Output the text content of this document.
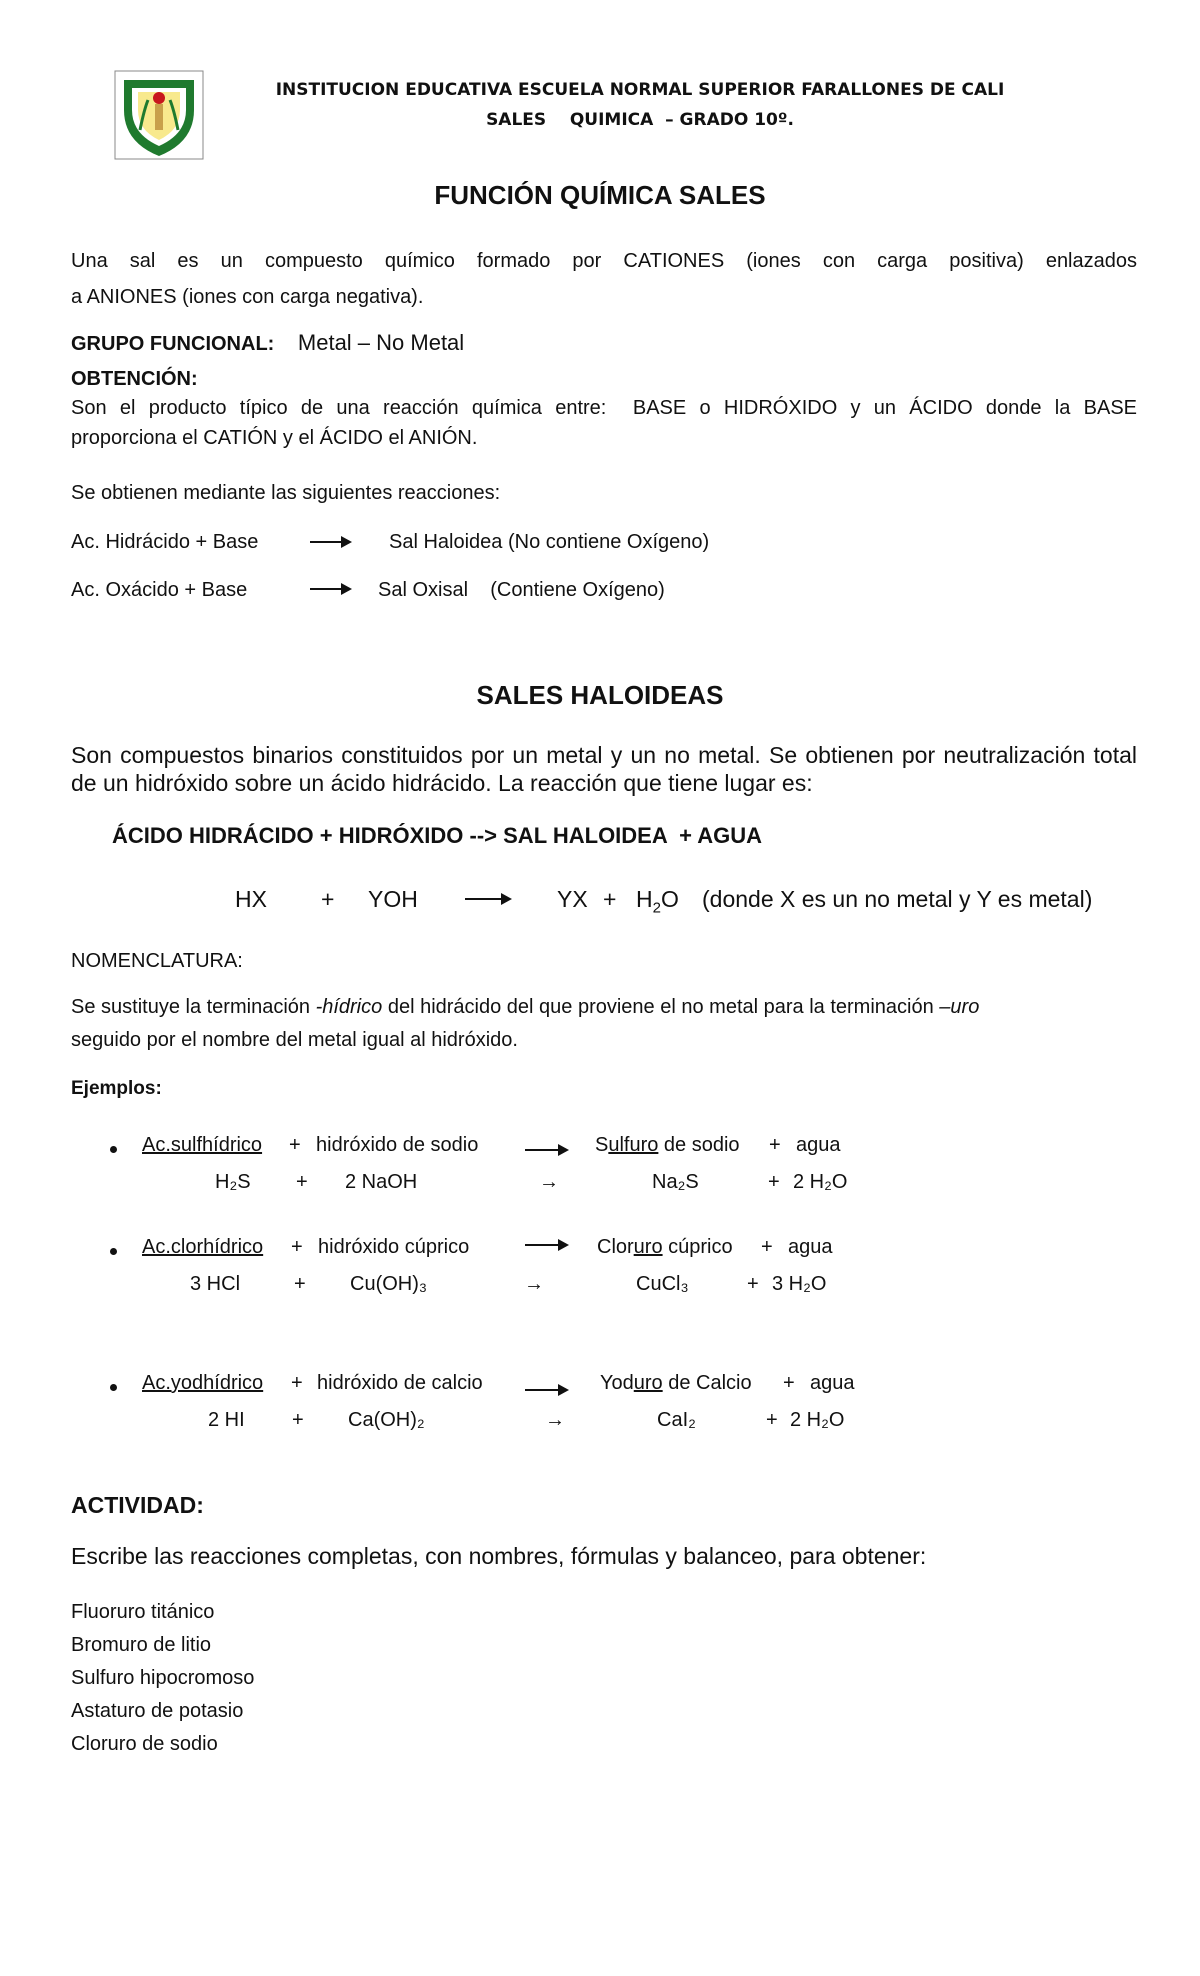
INSTITUCION EDUCATIVA ESCUELA NORMAL SUPERIOR FARALLONES DE CALI
SALES    QUIMICA  – GRADO 10º.
FUNCIÓN QUÍMICA SALES
Una sal es un compuesto químico formado por CATIONES (iones con carga positiva) enlazados
a ANIONES (iones con carga negativa).
GRUPO FUNCIONAL: Metal – No Metal
OBTENCIÓN:
Son el producto típico de una reacción química entre:  BASE o HIDRÓXIDO y un ÁCIDO donde la BASE
proporciona el CATIÓN y el ÁCIDO el ANIÓN.
Se obtienen mediante las siguientes reacciones:
Ac. Hidrácido + Base	Sal Haloidea (No contiene Oxígeno)
Ac. Oxácido + Base	Sal Oxisal    (Contiene Oxígeno)
SALES HALOIDEAS
Son compuestos binarios constituidos por un metal y un no metal. Se obtienen por neutralización total
de un hidróxido sobre un ácido hidrácido. La reacción que tiene lugar es:
ÁCIDO HIDRÁCIDO + HIDRÓXIDO --> SAL HALOIDEA  + AGUA
HX + YOH	YX + $H_2O$ (donde X es un no metal y Y es metal)
NOMENCLATURA:
Se sustituye la terminación -hídrico del hidrácido del que proviene el no metal para la terminación –uro
seguido por el nombre del metal igual al hidróxido.
Ejemplos:
Ac.sulfhídrico + hidróxido de sodio	Sulfuro de sodio + agua
H₂S + 2 NaOH	→	Na₂S	+ 2 H₂O
Ac.clorhídrico + hidróxido cúprico	Cloruro cúprico + agua
3 HCl	+ Cu(OH)₃	→	CuCl₃	+ 3 H₂O
Ac.yodhídrico + hidróxido de calcio	Yoduro de Calcio + agua
2 HI + Ca(OH)₂	→	CaI₂	+ 2 H₂O
ACTIVIDAD:
Escribe las reacciones completas, con nombres, fórmulas y balanceo, para obtener:
Fluoruro titánico
Bromuro de litio
Sulfuro hipocromoso
Astaturo de potasio
Cloruro de sodio
